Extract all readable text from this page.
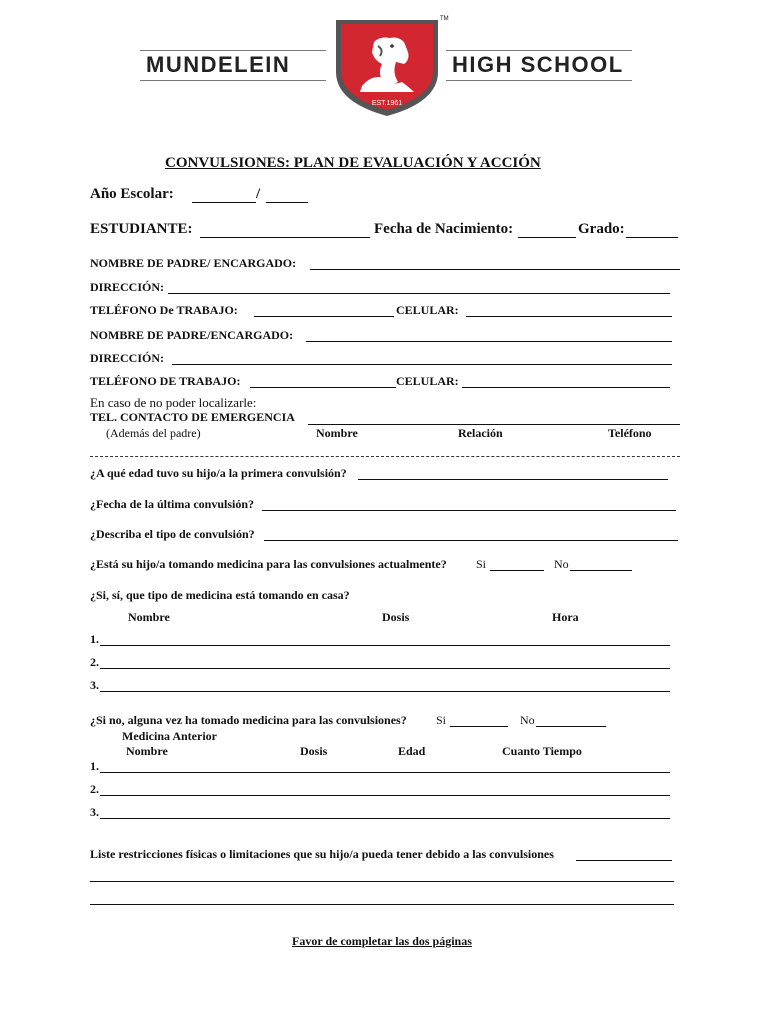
MUNDELEIN	HIGH SCHOOL
EST.1961
TM
CONVULSIONES: PLAN DE EVALUACIÓN Y ACCIÓN
Año Escolar:	/
ESTUDIANTE:	Fecha de Nacimiento:	Grado:
NOMBRE DE PADRE/ ENCARGADO:
DIRECCIÓN:
TELÉFONO De TRABAJO:	CELULAR:
NOMBRE DE PADRE/ENCARGADO:
DIRECCIÓN:
TELÉFONO DE TRABAJO:	CELULAR:
En caso de no poder localizarle:
TEL. CONTACTO DE EMERGENCIA
(Además del padre)	Nombre	Relación	Teléfono
¿A qué edad tuvo su hijo/a la primera convulsión?
¿Fecha de la última convulsión?
¿Describa el tipo de convulsión?
¿Está su hijo/a tomando medicina para las convulsiones actualmente? Si	No
¿Si, sí, que tipo de medicina está tomando en casa?
Nombre	Dosis	Hora
1.
2.
3.
¿Si no, alguna vez ha tomado medicina para las convulsiones? Si	No
Medicina Anterior
Nombre	Dosis	Edad	Cuanto Tiempo
1.
2.
3.
Liste restricciones físicas o limitaciones que su hijo/a pueda tener debido a las convulsiones
Favor de completar las dos páginas
